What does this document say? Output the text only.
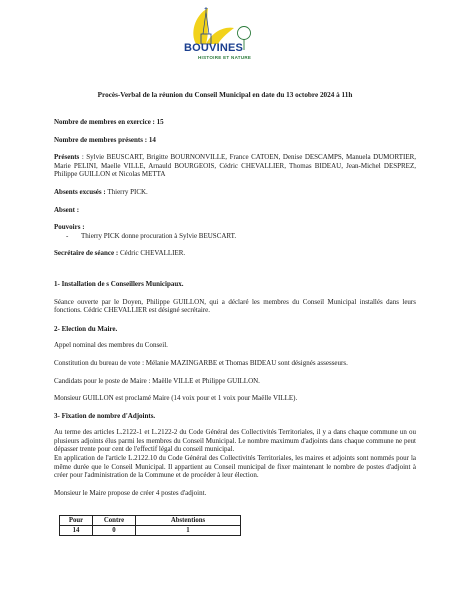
BOUVINES
HISTOIRE ET NATURE
Procès-Verbal de la réunion du Conseil Municipal en date du 13 octobre 2024 à 11h

Nombre de membres en exercice : 15

Nombre de membres présents : 14

Présents : Sylvie BEUSCART, Brigitte BOURNONVILLE, France CATOEN, Denise DESCAMPS, Manuela DUMORTIER, Marie PELINI, Maelle VILLE, Arnauld BOURGEOIS, Cédric CHEVALLIER, Thomas BIDEAU, Jean-Michel DESPREZ, Philippe GUILLON et Nicolas METTA

Absents excusés : Thierry PICK.

Absent :

Pouvoirs :

-	Thierry PICK donne procuration à Sylvie BEUSCART.

Secrétaire de séance : Cédric CHEVALLIER.

1- Installation de s Conseillers Municipaux.

Séance ouverte par le Doyen, Philippe GUILLON, qui a déclaré les membres du Conseil Municipal installés dans leurs fonctions. Cédric CHEVALLIER est désigné secrétaire.

2- Election du Maire.

Appel nominal des membres du Conseil.

Constitution du bureau de vote : Mélanie MAZINGARBE et Thomas BIDEAU sont désignés assesseurs.

Candidats pour le poste de Maire : Maëlle VILLE et Philippe GUILLON.

Monsieur GUILLON est proclamé Maire (14 voix pour et 1 voix pour Maëlle VILLE).

3- Fixation de nombre d'Adjoints.

Au terme des articles L.2122-1 et L.2122-2 du Code Général des Collectivités Territoriales, il y a dans chaque commune un ou plusieurs adjoints élus parmi les membres du Conseil Municipal. Le nombre maximum d'adjoints dans chaque commune ne peut dépasser trente pour cent de l'effectif légal du conseil municipal.

En application de l'article L.2122.10 du Code Général des Collectivités Territoriales, les maires et adjoints sont nommés pour la même durée que le Conseil Municipal. Il appartient au Conseil municipal de fixer maintenant le nombre de postes d'adjoint à créer pour l'administration de la Commune et de procéder à leur élection.

Monsieur le Maire propose de créer 4 postes d'adjoint.

Pour	Contre	Abstentions
14	0	1
